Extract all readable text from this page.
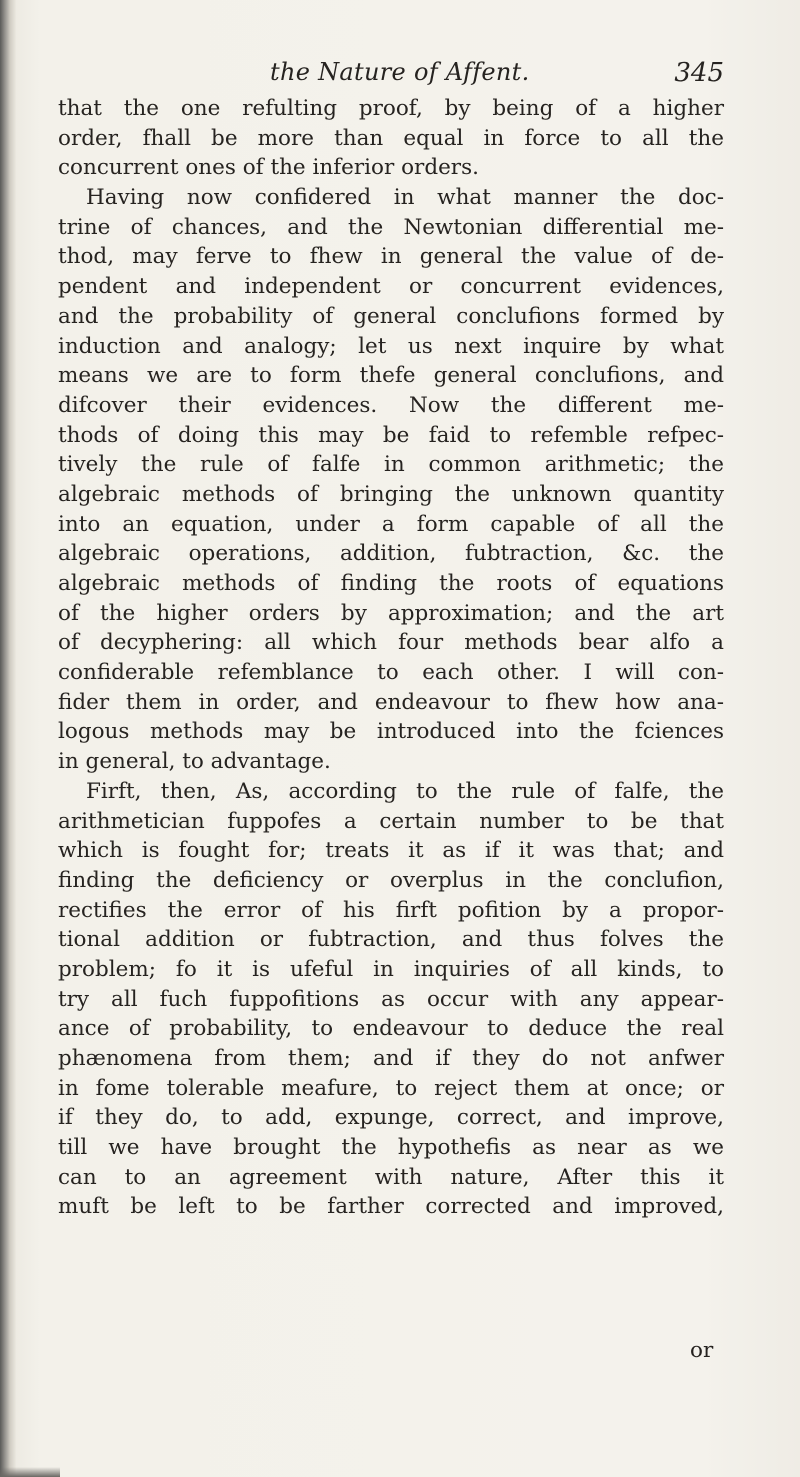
the Nature of Affent.	345
that the one refulting proof, by being of a higher
order, fhall be more than equal in force to all the
concurrent ones of the inferior orders.
Having now confidered in what manner the doc-
trine of chances, and the Newtonian differential me-
thod, may ferve to fhew in general the value of de-
pendent and independent or concurrent evidences,
and the probability of general conclufions formed by
induction and analogy; let us next inquire by what
means we are to form thefe general conclufions, and
difcover their evidences. Now the different me-
thods of doing this may be faid to refemble refpec-
tively the rule of falfe in common arithmetic; the
algebraic methods of bringing the unknown quantity
into an equation, under a form capable of all the
algebraic operations, addition, fubtraction, &c. the
algebraic methods of finding the roots of equations
of the higher orders by approximation; and the art
of decyphering: all which four methods bear alfo a
confiderable refemblance to each other. I will con-
fider them in order, and endeavour to fhew how ana-
logous methods may be introduced into the fciences
in general, to advantage.
Firft, then, As, according to the rule of falfe, the
arithmetician fuppofes a certain number to be that
which is fought for; treats it as if it was that; and
finding the deficiency or overplus in the conclufion,
rectifies the error of his firft pofition by a propor-
tional addition or fubtraction, and thus folves the
problem; fo it is ufeful in inquiries of all kinds, to
try all fuch fuppofitions as occur with any appear-
ance of probability, to endeavour to deduce the real
phænomena from them; and if they do not anfwer
in fome tolerable meafure, to reject them at once; or
if they do, to add, expunge, correct, and improve,
till we have brought the hypothefis as near as we
can to an agreement with nature, After this it
muft be left to be farther corrected and improved,
or
